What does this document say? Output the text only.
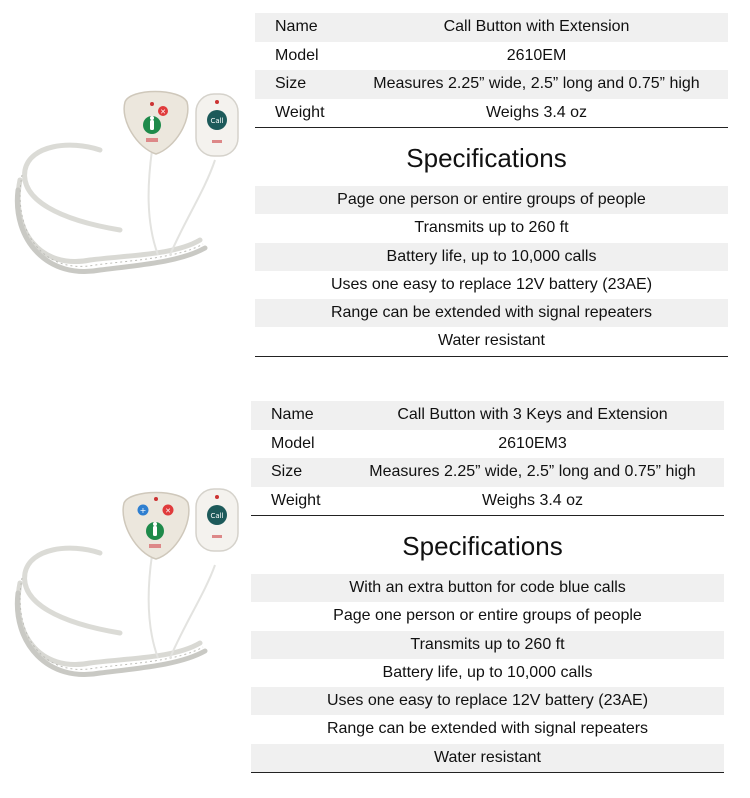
✕
Call
Name	Call Button with Extension
Model	2610EM
Size	Measures 2.25” wide, 2.5” long and 0.75” high
Weight	Weighs 3.4 oz
Specifications
Page one person or entire groups of people
Transmits up to 260 ft
Battery life, up to 10,000 calls
Uses one easy to replace 12V battery (23AE)
Range can be extended with signal repeaters
Water resistant
+	✕
Call
Name	Call Button with 3 Keys and Extension
Model	2610EM3
Size	Measures 2.25” wide, 2.5” long and 0.75” high
Weight	Weighs 3.4 oz
Specifications
With an extra button for code blue calls
Page one person or entire groups of people
Transmits up to 260 ft
Battery life, up to 10,000 calls
Uses one easy to replace 12V battery (23AE)
Range can be extended with signal repeaters
Water resistant
